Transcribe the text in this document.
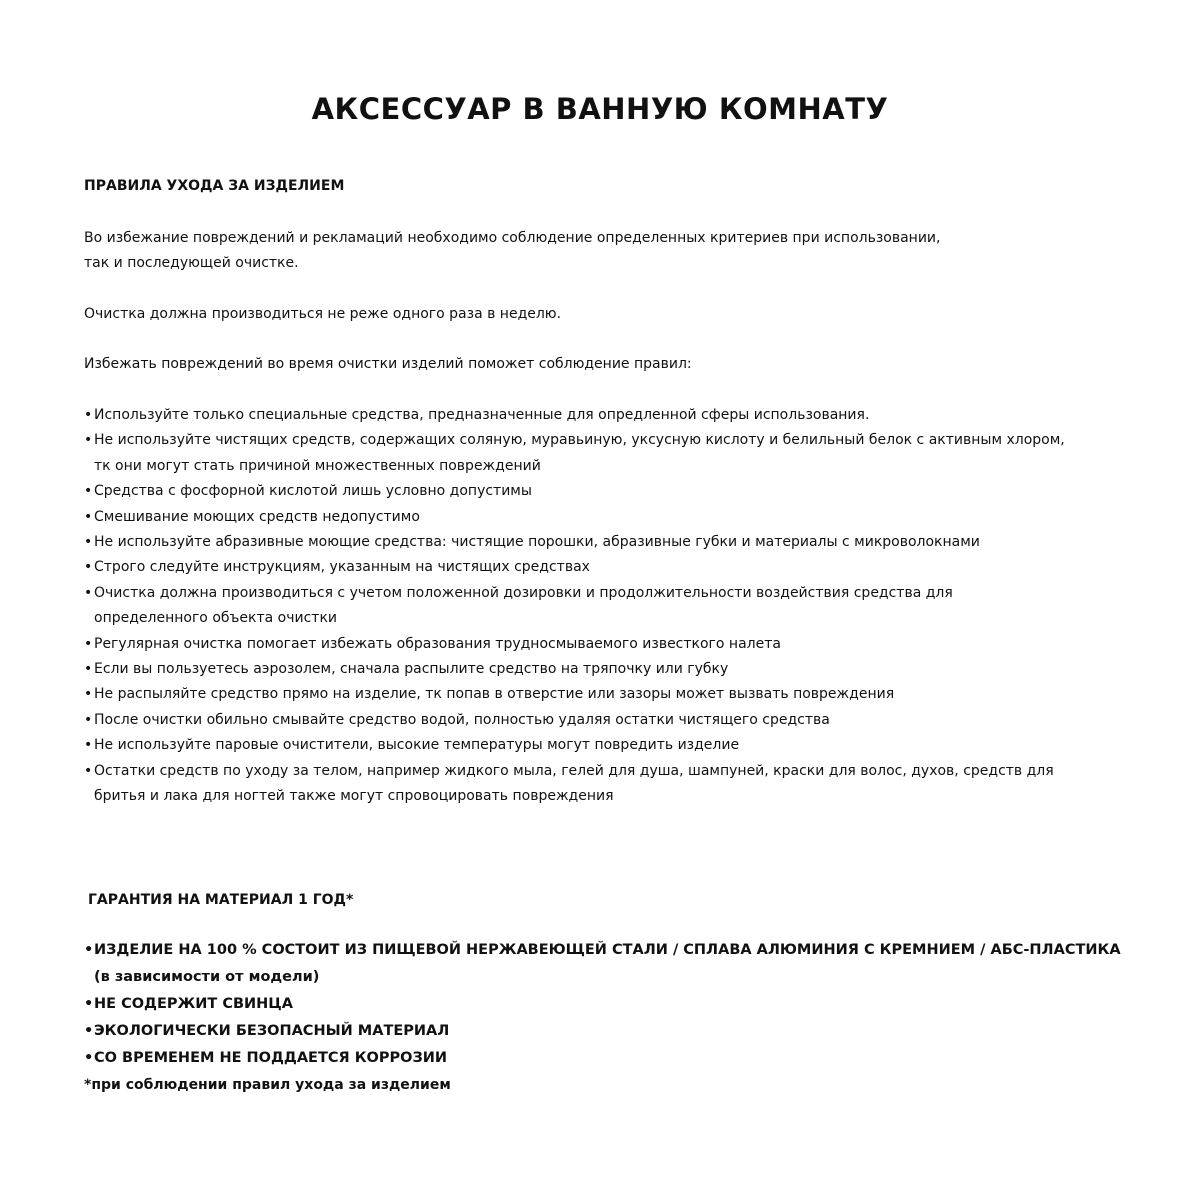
АКСЕССУАР В ВАННУЮ КОМНАТУ

ПРАВИЛА УХОДА ЗА ИЗДЕЛИЕМ

Во избежание повреждений и рекламаций необходимо соблюдение определенных критериев при использовании,

так и последующей очистке.

Очистка должна производиться не реже одного раза в неделю.

Избежать повреждений во время очистки изделий поможет соблюдение правил:

• Используйте только специальные средства, предназначенные для опредленной сферы использования.
• Не используйте чистящих средств, содержащих соляную, муравьиную, уксусную кислоту и белильный белок с активным хлором,
тк они могут стать причиной множественных повреждений
• Средства с фосфорной кислотой лишь условно допустимы
• Смешивание моющих средств недопустимо
• Не используйте абразивные моющие средства: чистящие порошки, абразивные губки и материалы с микроволокнами
• Строго следуйте инструкциям, указанным на чистящих средствах
• Очистка должна производиться с учетом положенной дозировки и продолжительности воздействия средства для
определенного объекта очистки
• Регулярная очистка помогает избежать образования трудносмываемого известкого налета
• Если вы пользуетесь аэрозолем, сначала распылите средство на тряпочку или губку
• Не распыляйте средство прямо на изделие, тк попав в отверстие или зазоры может вызвать повреждения
• После очистки обильно смывайте средство водой, полностью удаляя остатки чистящего средства
• Не используйте паровые очистители, высокие температуры могут повредить изделие
• Остатки средств по уходу за телом, например жидкого мыла, гелей для душа, шампуней, краски для волос, духов, средств для
бритья и лака для ногтей также могут спровоцировать повреждения

ГАРАНТИЯ НА МАТЕРИАЛ 1 ГОД*

• ИЗДЕЛИЕ НА 100 % СОСТОИТ ИЗ ПИЩЕВОЙ НЕРЖАВЕЮЩЕЙ СТАЛИ / СПЛАВА АЛЮМИНИЯ С КРЕМНИЕМ / АБС-ПЛАСТИКА
(в зависимости от модели)
• НЕ СОДЕРЖИТ СВИНЦА
• ЭКОЛОГИЧЕСКИ БЕЗОПАСНЫЙ МАТЕРИАЛ
• СО ВРЕМЕНЕМ НЕ ПОДДАЕТСЯ КОРРОЗИИ

*при соблюдении правил ухода за изделием
